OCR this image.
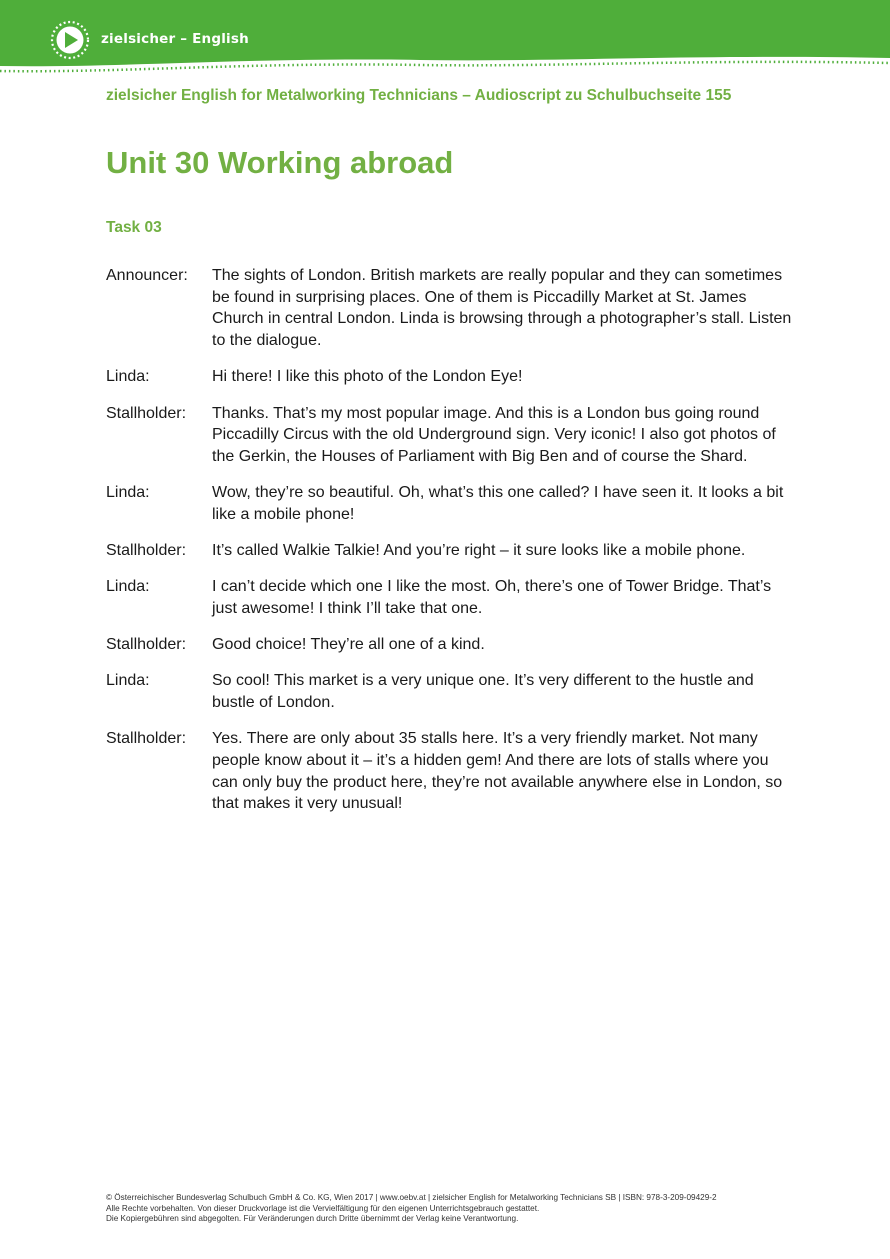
zielsicher – English
zielsicher English for Metalworking Technicians – Audioscript zu Schulbuchseite 155
Unit 30 Working abroad
Task 03
Announcer:	The sights of London. British markets are really popular and they can sometimes be found in surprising places. One of them is Piccadilly Market at St. James Church in central London. Linda is browsing through a photographer’s stall. Listen to the dialogue.
Linda:	Hi there! I like this photo of the London Eye!
Stallholder:	Thanks. That’s my most popular image. And this is a London bus going round Piccadilly Circus with the old Underground sign. Very iconic! I also got photos of the Gerkin, the Houses of Parliament with Big Ben and of course the Shard.
Linda:	Wow, they’re so beautiful. Oh, what’s this one called? I have seen it. It looks a bit like a mobile phone!
Stallholder:	It’s called Walkie Talkie! And you’re right – it sure looks like a mobile phone.
Linda:	I can’t decide which one I like the most. Oh, there’s one of Tower Bridge. That’s just awesome! I think I’ll take that one.
Stallholder:	Good choice! They’re all one of a kind.
Linda:	So cool! This market is a very unique one. It’s very different to the hustle and bustle of London.
Stallholder:	Yes. There are only about 35 stalls here. It’s a very friendly market. Not many people know about it – it’s a hidden gem! And there are lots of stalls where you can only buy the product here, they’re not available anywhere else in London, so that makes it very unusual!
© Österreichischer Bundesverlag Schulbuch GmbH & Co. KG, Wien 2017 | www.oebv.at | zielsicher English for Metalworking Technicians SB | ISBN: 978-3-209-09429-2
Alle Rechte vorbehalten. Von dieser Druckvorlage ist die Vervielfältigung für den eigenen Unterrichtsgebrauch gestattet.
Die Kopiergebühren sind abgegolten. Für Veränderungen durch Dritte übernimmt der Verlag keine Verantwortung.
